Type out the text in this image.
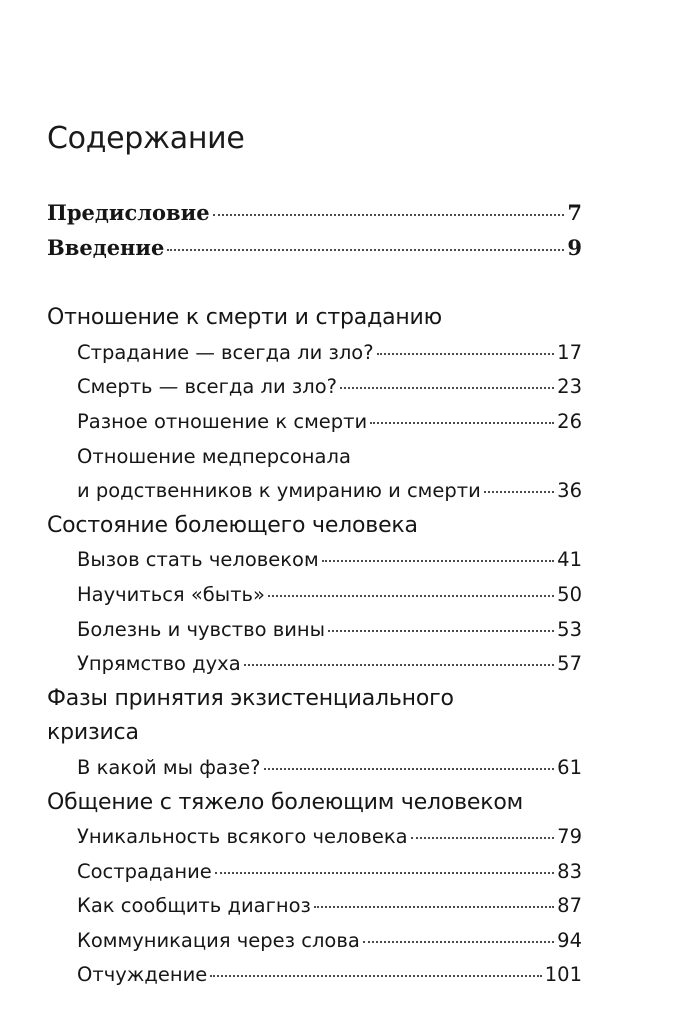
Содержание
Предисловие	7
Введение	9
Отношение к смерти и страданию
Страдание — всегда ли зло?	17
Смерть — всегда ли зло?	23
Разное отношение к смерти	26
Отношение медперсонала
и родственников к умиранию и смерти	36
Состояние болеющего человека
Вызов стать человеком	41
Научиться «быть»	50
Болезнь и чувство вины	53
Упрямство духа	57
Фазы принятия экзистенциального
кризиса
В какой мы фазе?	61
Общение с тяжело болеющим человеком
Уникальность всякого человека	79
Сострадание	83
Как сообщить диагноз	87
Коммуникация через слова	94
Отчуждение	101
